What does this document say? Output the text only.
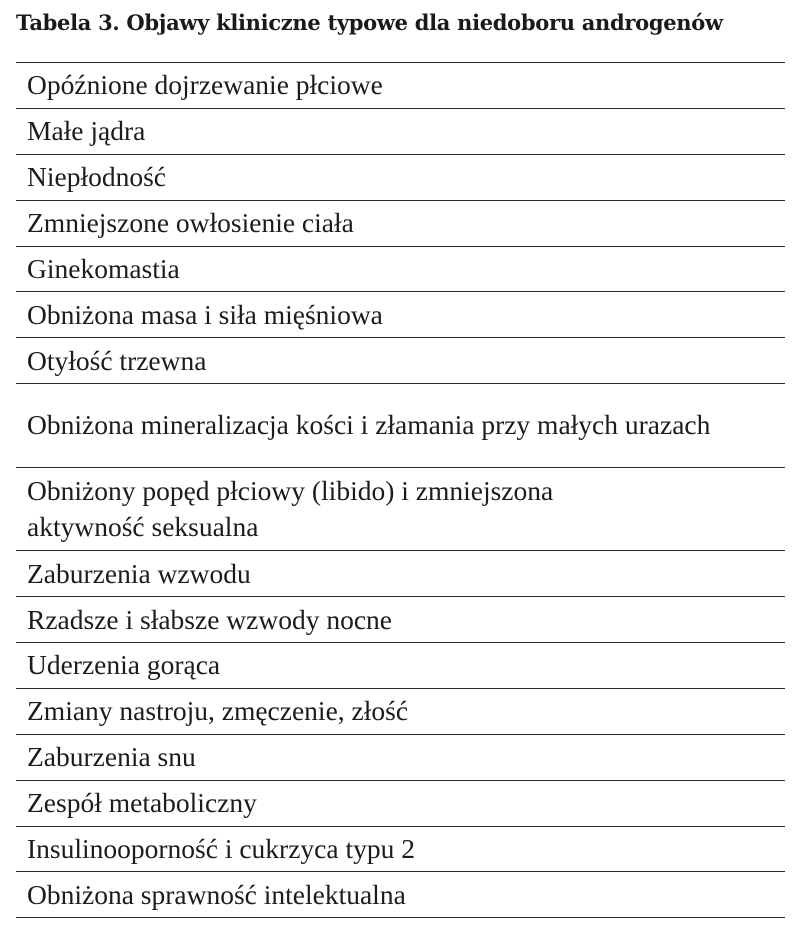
Tabela 3. Objawy kliniczne typowe dla niedoboru androgenów

Opóźnione dojrzewanie płciowe
Małe jądra
Niepłodność
Zmniejszone owłosienie ciała
Ginekomastia
Obniżona masa i siła mięśniowa
Otyłość trzewna
Obniżona mineralizacja kości i złamania przy małych urazach
Obniżony popęd płciowy (libido) i zmniejszona aktywność seksualna
Zaburzenia wzwodu
Rzadsze i słabsze wzwody nocne
Uderzenia gorąca
Zmiany nastroju, zmęczenie, złość
Zaburzenia snu
Zespół metaboliczny
Insulinooporność i cukrzyca typu 2
Obniżona sprawność intelektualna
